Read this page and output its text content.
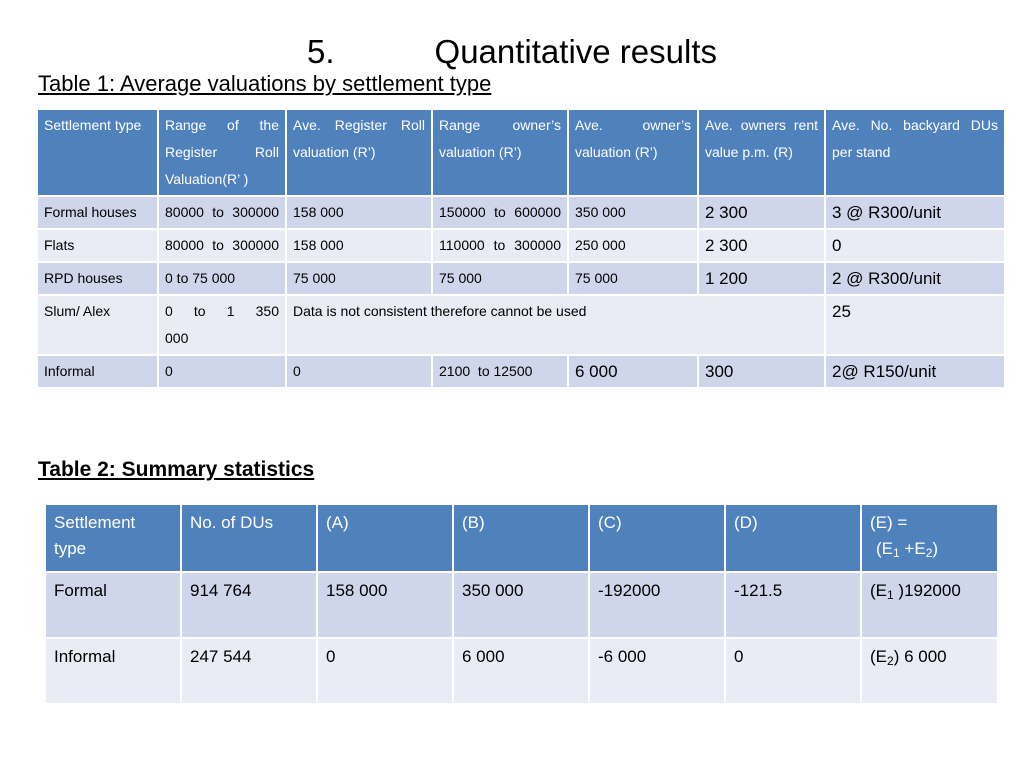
5.	Quantitative results
Table 1: Average valuations by settlement type
Settlement type	Range of the Register Roll Valuation(R’ )	Ave. Register Roll valuation (R’)	Range owner’s valuation (R’)	Ave. owner’s valuation (R’)	Ave. owners rent value p.m. (R)	Ave. No. backyard DUs per stand
Formal houses	80000 to 300000	158 000	150000 to 600000	350 000	2 300	3 @ R300/unit
Flats	80000 to 300000	158 000	110000 to 300000	250 000	2 300	0
RPD houses	0 to 75 000	75 000	75 000	75 000	1 200	2 @ R300/unit
Slum/ Alex	0 to 1 350 000	Data is not consistent therefore cannot be used				25
Informal	0	0	2100  to 12500	6 000	300	2@ R150/unit
Table 2: Summary statistics
Settlement type	No. of DUs	(A)	(B)	(C)	(D)	(E) =
$(E_1 +E_2)$

Formal	914 764	158 000	350 000	-192000	-121.5	($E_1$ )192000
Informal	247 544	0	6 000	-6 000	0	$(E_2)$ 6 000
